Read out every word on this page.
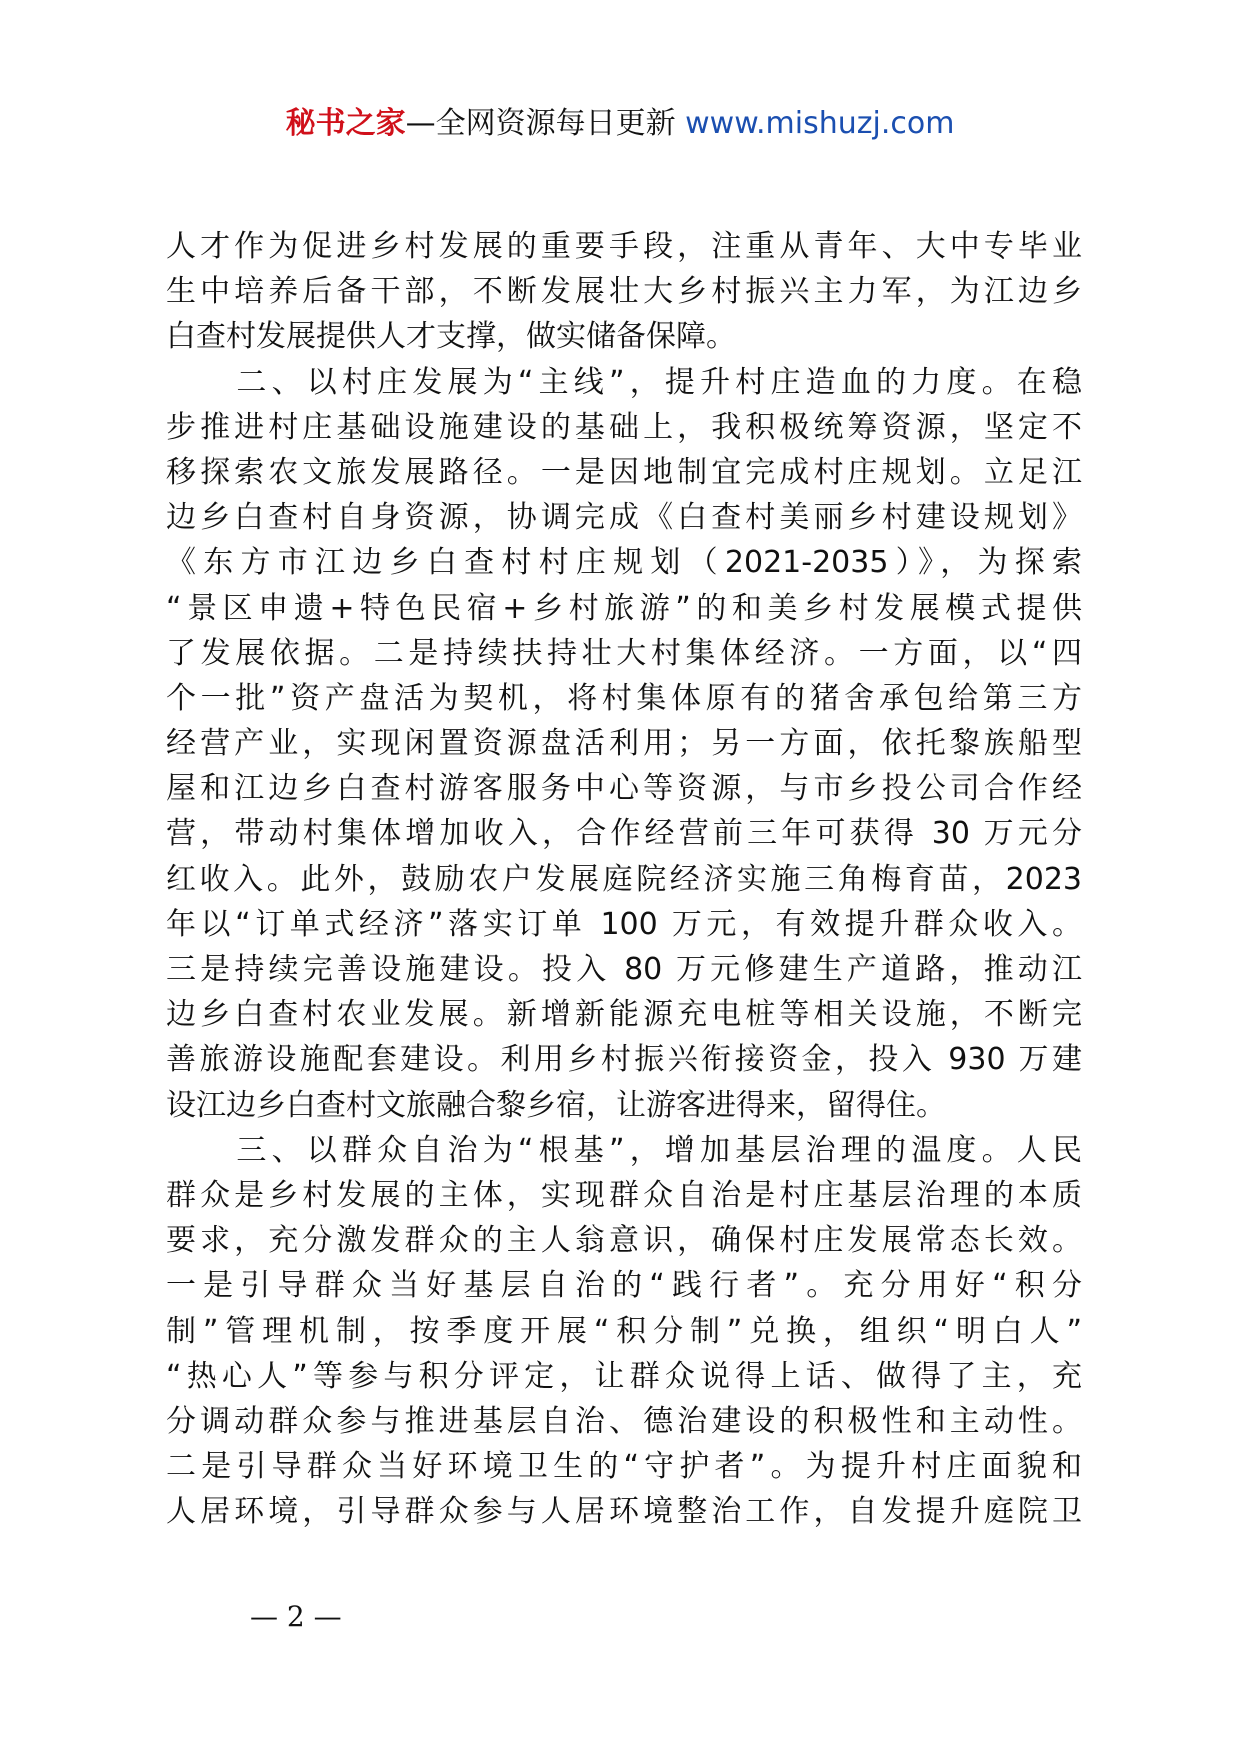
秘书之家—全网资源每日更新 www.mishuzj.com
人才作为促进乡村发展的重要手段，注重从青年、大中专毕业
生中培养后备干部，不断发展壮大乡村振兴主力军，为江边乡
白查村发展提供人才支撑，做实储备保障。
　　二、以村庄发展为“主线”，提升村庄造血的力度。在稳
步推进村庄基础设施建设的基础上，我积极统筹资源，坚定不
移探索农文旅发展路径。一是因地制宜完成村庄规划。立足江
边乡白查村自身资源，协调完成《白查村美丽乡村建设规划》
《东方市江边乡白查村村庄规划（2021-2035）》，为探索
“景区申遗+特色民宿+乡村旅游”的和美乡村发展模式提供
了发展依据。二是持续扶持壮大村集体经济。一方面，以“四
个一批”资产盘活为契机，将村集体原有的猪舍承包给第三方
经营产业，实现闲置资源盘活利用；另一方面，依托黎族船型
屋和江边乡白查村游客服务中心等资源，与市乡投公司合作经
营，带动村集体增加收入，合作经营前三年可获得 30 万元分
红收入。此外，鼓励农户发展庭院经济实施三角梅育苗，2023
年以“订单式经济”落实订单 100 万元，有效提升群众收入。
三是持续完善设施建设。投入 80 万元修建生产道路，推动江
边乡白查村农业发展。新增新能源充电桩等相关设施，不断完
善旅游设施配套建设。利用乡村振兴衔接资金，投入 930 万建
设江边乡白查村文旅融合黎乡宿，让游客进得来，留得住。
　　三、以群众自治为“根基”，增加基层治理的温度。人民
群众是乡村发展的主体，实现群众自治是村庄基层治理的本质
要求，充分激发群众的主人翁意识，确保村庄发展常态长效。
一是引导群众当好基层自治的“践行者”。充分用好“积分
制”管理机制，按季度开展“积分制”兑换，组织“明白人”
“热心人”等参与积分评定，让群众说得上话、做得了主，充
分调动群众参与推进基层自治、德治建设的积极性和主动性。
二是引导群众当好环境卫生的“守护者”。为提升村庄面貌和
人居环境，引导群众参与人居环境整治工作，自发提升庭院卫
— 2 —
